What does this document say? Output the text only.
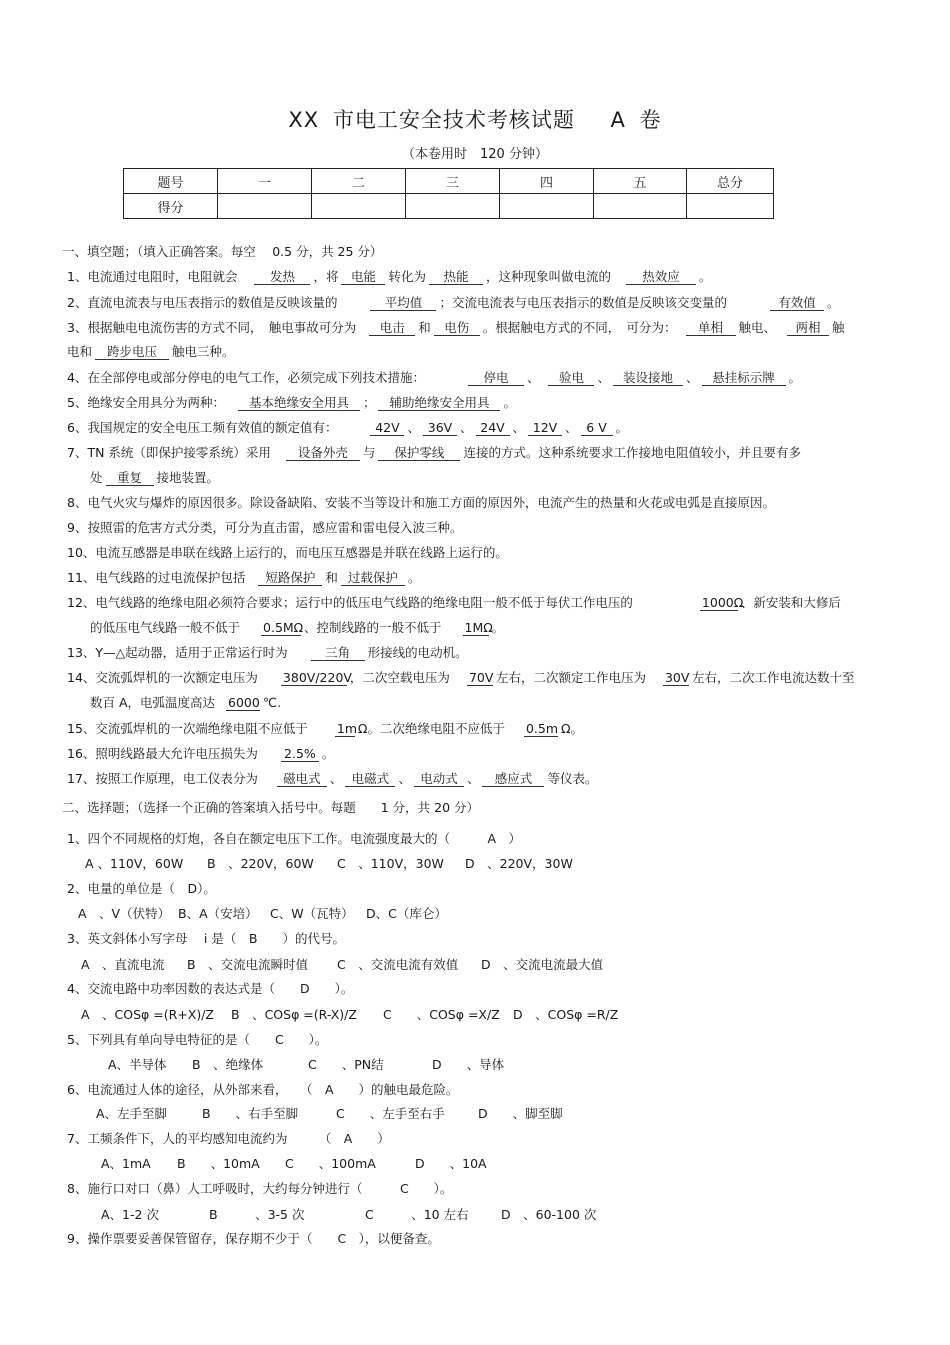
XX 市电工安全技术考核试题　 A 卷
（本卷用时　120 分钟）
题号	一	二	三	四	五	总分
得分						
一、填空题；（填入正确答案。每空　 0.5 分，共 25 分）
1、电流通过电阻时，电阻就会	发热 ，将 电能 转化为 热能 ，这种现象叫做电流的 热效应 。
2、直流电流表与电压表指示的数值是反映该量的	平均值 ；交流电流表与电压表指示的数值是反映该交变量的	有效值 。
3、根据触电电流伤害的方式不同，　触电事故可分为 电击 和 电伤 。根据触电方式的不同，　可分为： 单相 触电、 两相 触
电和 跨步电压 触电三种。
4、在全部停电或部分停电的电气工作，必须完成下列技术措施：	停电 、 验电 、 装设接地 、 悬挂标示牌 。
5、绝缘安全用具分为两种： 基本绝缘安全用具 ； 辅助绝缘安全用具 。
6、我国规定的安全电压工频有效值的额定值有：	42V 、 36V 、 24V 、 12V 、 6 V 。
7、TN 系统（即保护接零系统）采用 设备外壳 与 保护零线 连接的方式。这种系统要求工作接地电阻值较小，并且要有多
处 重复 接地装置。
8、电气火灾与爆炸的原因很多。除设备缺陷、安装不当等设计和施工方面的原因外，电流产生的热量和火花或电弧是直接原因。
9、按照雷的危害方式分类，可分为直击雷，感应雷和雷电侵入波三种。
10、电流互感器是串联在线路上运行的，而电压互感器是并联在线路上运行的。
11、电气线路的过电流保护包括 短路保护 和 过载保护 。
12、电气线路的绝缘电阻必须符合要求；运行中的低压电气线路的绝缘电阻一般不低于每伏工作电压的	1000Ω、新安装和大修后
的低压电气线路一般不低于 0.5MΩ、控制线路的一般不低于 1MΩ。
13、Y—△起动器，适用于正常运行时为	三角 形接线的电动机。
14、交流弧焊机的一次额定电压为 380V/220V，二次空载电压为 70V 左右，二次额定工作电压为 30V 左右，二次工作电流达数十至
数百 A，电弧温度高达 6000 ℃.
15、交流弧焊机的一次端绝缘电阻不应低于 1mΩ。二次绝缘电阻不应低于 0.5m Ω。
16、照明线路最大允许电压损失为 2.5% 。
17、按照工作原理，电工仪表分为 磁电式 、 电磁式 、 电动式 、 感应式 等仪表。
二、选择题；（选择一个正确的答案填入括号中。每题　　1 分，共 20 分）
1、四个不同规格的灯炮，各自在额定电压下工作。电流强度最大的（　　　A　）
A 、110V，60W B　、220V，60W C　、110V，30W D　、220V，30W
2、电量的单位是（　D）。
A　、V（伏特） B、A（安培） C、W（瓦特） D、C（库仑）
3、英文斜体小写字母　 i 是（　B　　）的代号。
A　、直流电流 B　、交流电流瞬时值 C　、交流电流有效值 D　、交流电流最大值
4、交流电路中功率因数的表达式是（　　D　　）。
A　、COSφ =(R+X)/Z B　、COSφ =(R-X)/Z C　　、COSφ =X/Z D　、COSφ =R/Z
5、下列具有单向导电特征的是（　　C　　）。
A、半导体 B　、绝缘体	C　　、PN结	D　　、导体
6、电流通过人体的途径，从外部来看，　　（　A　　）的触电最危险。
A、左手至脚	B　　、右手至脚	C　　、左手至右手	D　　、脚至脚
7、工频条件下，人的平均感知电流约为　　　（　A　　）
A、1mA B　　、10mA C　　、100mA	D　　、10A
8、施行口对口（鼻）人工呼吸时，大约每分钟进行（　　　C　　）。
A、1-2 次	B　　　、3-5 次	C　　　、10 左右	D　、60-100 次
9、操作票要妥善保管留存，保存期不少于（　　C　），以便备查。
